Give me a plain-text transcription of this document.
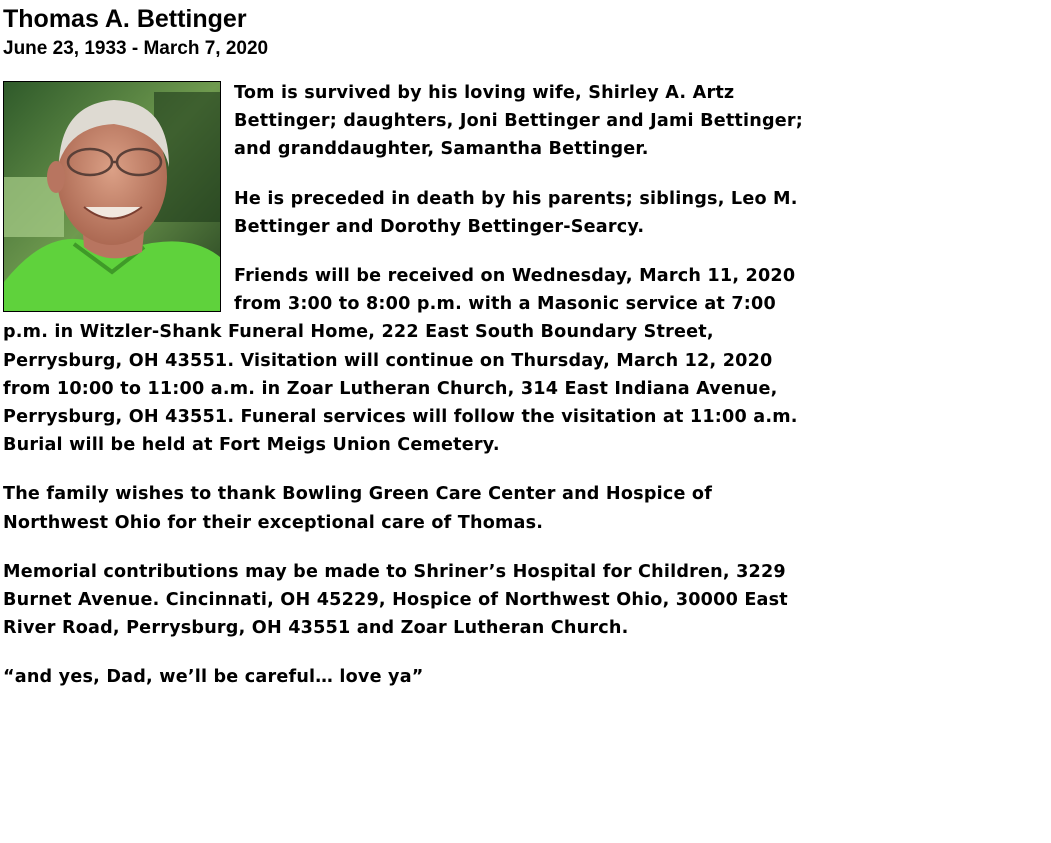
Thomas A. Bettinger
June 23, 1933 - March 7, 2020

Tom is survived by his loving wife, Shirley A. Artz Bettinger; daughters, Joni Bettinger and Jami Bettinger; and granddaughter, Samantha Bettinger.

He is preceded in death by his parents; siblings, Leo M. Bettinger and Dorothy Bettinger-Searcy.

Friends will be received on Wednesday, March 11, 2020 from 3:00 to 8:00 p.m. with a Masonic service at 7:00 p.m. in Witzler-Shank Funeral Home, 222 East South Boundary Street, Perrysburg, OH 43551. Visitation will continue on Thursday, March 12, 2020 from 10:00 to 11:00 a.m. in Zoar Lutheran Church, 314 East Indiana Avenue, Perrysburg, OH 43551. Funeral services will follow the visitation at 11:00 a.m. Burial will be held at Fort Meigs Union Cemetery.

The family wishes to thank Bowling Green Care Center and Hospice of Northwest Ohio for their exceptional care of Thomas.

Memorial contributions may be made to Shriner’s Hospital for Children, 3229 Burnet Avenue. Cincinnati, OH 45229, Hospice of Northwest Ohio, 30000 East River Road, Perrysburg, OH 43551 and Zoar Lutheran Church.

“and yes, Dad, we’ll be careful… love ya”
